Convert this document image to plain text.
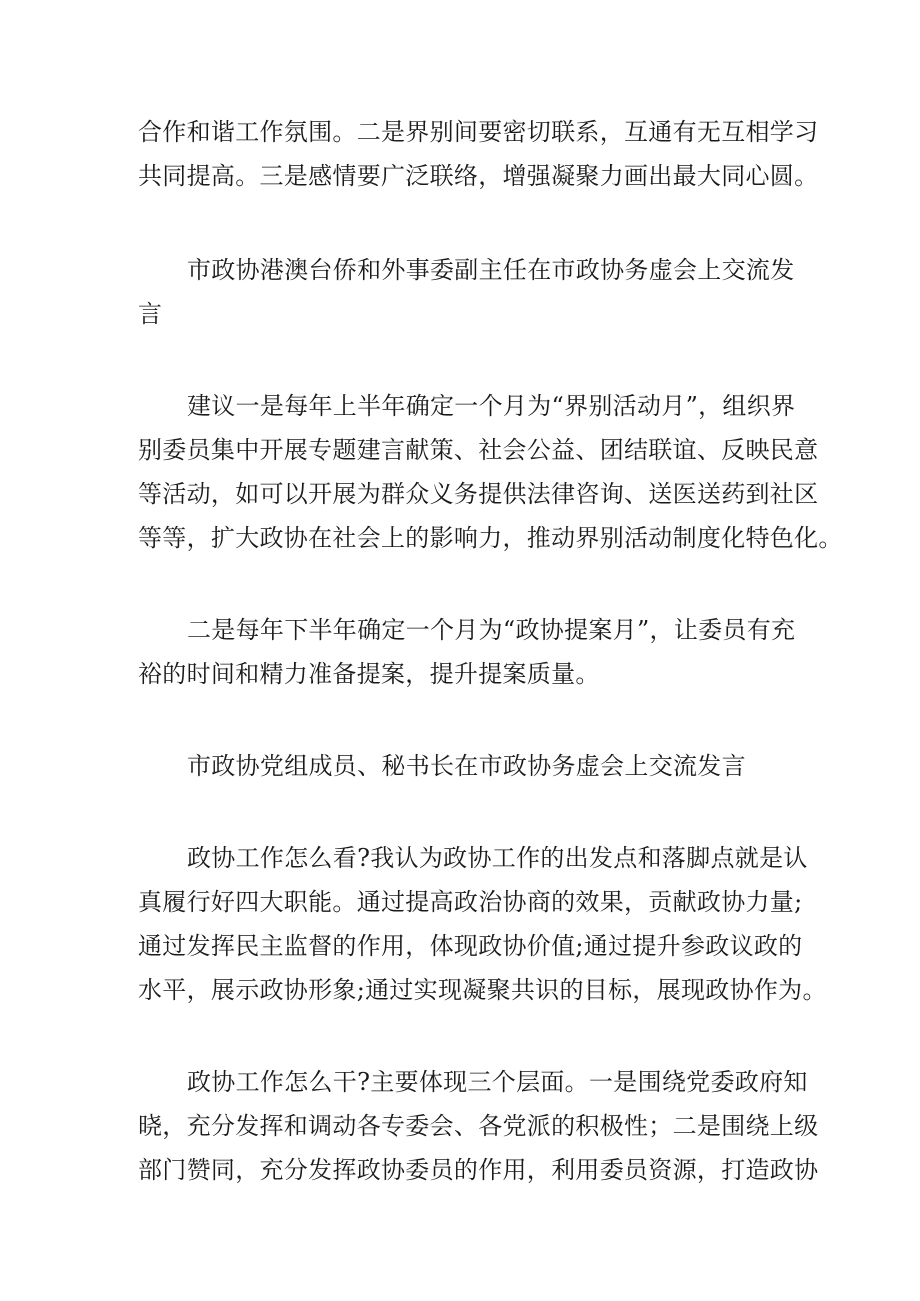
合作和谐工作氛围。二是界别间要密切联系，互通有无互相学习
共同提高。三是感情要广泛联络，增强凝聚力画出最大同心圆。

市政协港澳台侨和外事委副主任在市政协务虚会上交流发
言

建议一是每年上半年确定一个月为“界别活动月”，组织界
别委员集中开展专题建言献策、社会公益、团结联谊、反映民意
等活动，如可以开展为群众义务提供法律咨询、送医送药到社区
等等，扩大政协在社会上的影响力，推动界别活动制度化特色化。

二是每年下半年确定一个月为“政协提案月”，让委员有充
裕的时间和精力准备提案，提升提案质量。

市政协党组成员、秘书长在市政协务虚会上交流发言

政协工作怎么看?我认为政协工作的出发点和落脚点就是认
真履行好四大职能。通过提高政治协商的效果，贡献政协力量;
通过发挥民主监督的作用，体现政协价值;通过提升参政议政的
水平，展示政协形象;通过实现凝聚共识的目标，展现政协作为。

政协工作怎么干?主要体现三个层面。一是围绕党委政府知
晓，充分发挥和调动各专委会、各党派的积极性；二是围绕上级
部门赞同，充分发挥政协委员的作用，利用委员资源，打造政协
